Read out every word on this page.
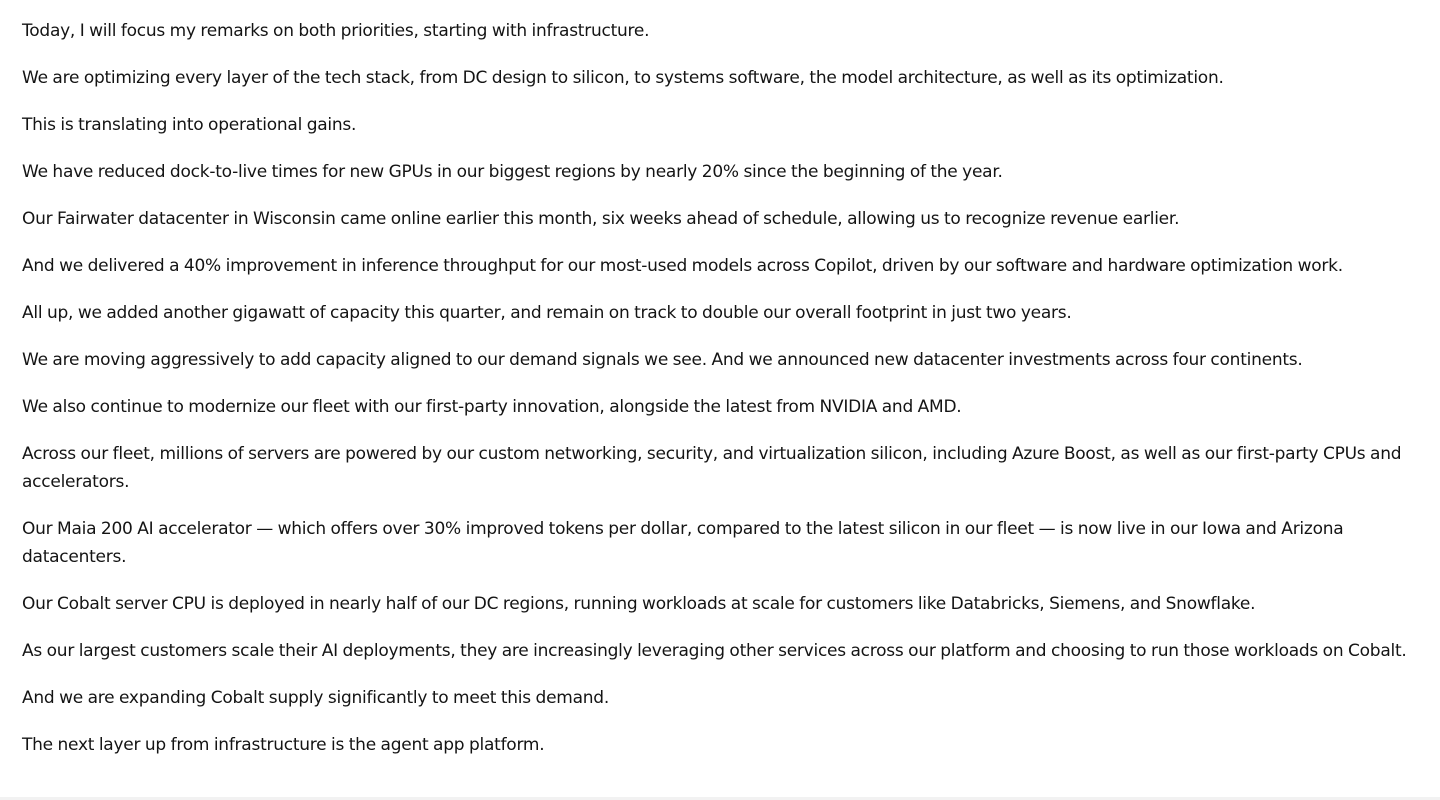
Today, I will focus my remarks on both priorities, starting with infrastructure.

We are optimizing every layer of the tech stack, from DC design to silicon, to systems software, the model architecture, as well as its optimization.

This is translating into operational gains.

We have reduced dock-to-live times for new GPUs in our biggest regions by nearly 20% since the beginning of the year.

Our Fairwater datacenter in Wisconsin came online earlier this month, six weeks ahead of schedule, allowing us to recognize revenue earlier.

And we delivered a 40% improvement in inference throughput for our most-used models across Copilot, driven by our software and hardware optimization work.

All up, we added another gigawatt of capacity this quarter, and remain on track to double our overall footprint in just two years.

We are moving aggressively to add capacity aligned to our demand signals we see. And we announced new datacenter investments across four continents.

We also continue to modernize our fleet with our first-party innovation, alongside the latest from NVIDIA and AMD.

Across our fleet, millions of servers are powered by our custom networking, security, and virtualization silicon, including Azure Boost, as well as our first-party CPUs and accelerators.

Our Maia 200 AI accelerator — which offers over 30% improved tokens per dollar, compared to the latest silicon in our fleet — is now live in our Iowa and Arizona datacenters.

Our Cobalt server CPU is deployed in nearly half of our DC regions, running workloads at scale for customers like Databricks, Siemens, and Snowflake.

As our largest customers scale their AI deployments, they are increasingly leveraging other services across our platform and choosing to run those workloads on Cobalt.

And we are expanding Cobalt supply significantly to meet this demand.

The next layer up from infrastructure is the agent app platform.
